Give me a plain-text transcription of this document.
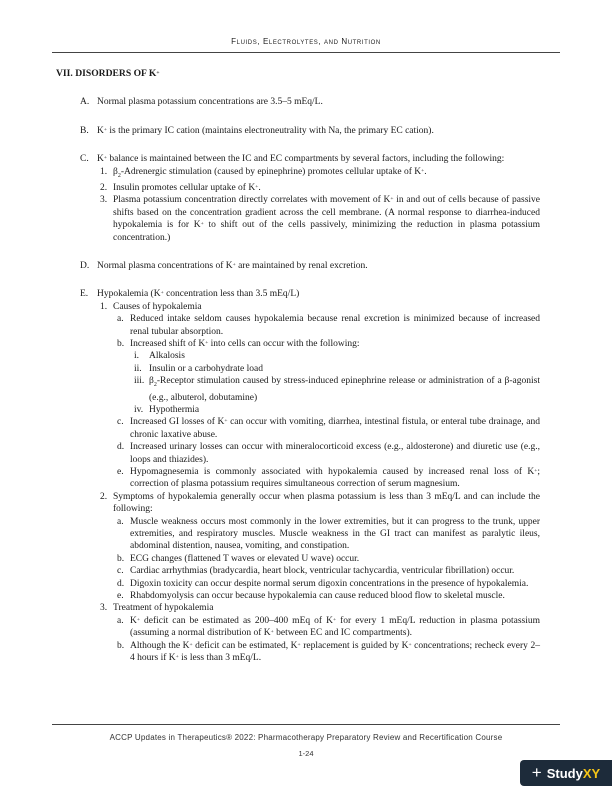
Fluids, Electrolytes, and Nutrition
VII. DISORDERS OF K+
A. Normal plasma potassium concentrations are 3.5–5 mEq/L.
B. K+ is the primary IC cation (maintains electroneutrality with Na, the primary EC cation).
C. K+ balance is maintained between the IC and EC compartments by several factors, including the following:
1. $\beta_2$-Adrenergic stimulation (caused by epinephrine) promotes cellular uptake of K+.
2. Insulin promotes cellular uptake of K+.
3. Plasma potassium concentration directly correlates with movement of K+ in and out of cells because of passive shifts based on the concentration gradient across the cell membrane. (A normal response to diarrhea-induced hypokalemia is for K+ to shift out of the cells passively, minimizing the reduction in plasma potassium concentration.)
D. Normal plasma concentrations of K+ are maintained by renal excretion.
E. Hypokalemia (K+ concentration less than 3.5 mEq/L)
1. Causes of hypokalemia
a. Reduced intake seldom causes hypokalemia because renal excretion is minimized because of increased renal tubular absorption.
b. Increased shift of K+ into cells can occur with the following:
i.	Alkalosis
ii. Insulin or a carbohydrate load
iii. $\beta_2$-Receptor stimulation caused by stress-induced epinephrine release or administration of a β-agonist (e.g., albuterol, dobutamine)
iv. Hypothermia
c. Increased GI losses of K+ can occur with vomiting, diarrhea, intestinal fistula, or enteral tube drainage, and chronic laxative abuse.
d. Increased urinary losses can occur with mineralocorticoid excess (e.g., aldosterone) and diuretic use (e.g., loops and thiazides).
e. Hypomagnesemia is commonly associated with hypokalemia caused by increased renal loss of K+; correction of plasma potassium requires simultaneous correction of serum magnesium.
2. Symptoms of hypokalemia generally occur when plasma potassium is less than 3 mEq/L and can include the following:
a. Muscle weakness occurs most commonly in the lower extremities, but it can progress to the trunk, upper extremities, and respiratory muscles. Muscle weakness in the GI tract can manifest as paralytic ileus, abdominal distention, nausea, vomiting, and constipation.
b. ECG changes (flattened T waves or elevated U wave) occur.
c. Cardiac arrhythmias (bradycardia, heart block, ventricular tachycardia, ventricular fibrillation) occur.
d. Digoxin toxicity can occur despite normal serum digoxin concentrations in the presence of hypokalemia.
e. Rhabdomyolysis can occur because hypokalemia can cause reduced blood flow to skeletal muscle.
3. Treatment of hypokalemia
a. K+ deficit can be estimated as 200–400 mEq of K+ for every 1 mEq/L reduction in plasma potassium (assuming a normal distribution of K+ between EC and IC compartments).
b. Although the K+ deficit can be estimated, K+ replacement is guided by K+ concentrations; recheck every 2–4 hours if K+ is less than 3 mEq/L.
ACCP Updates in Therapeutics® 2022: Pharmacotherapy Preparatory Review and Recertification Course
1-24
+ Study XY
